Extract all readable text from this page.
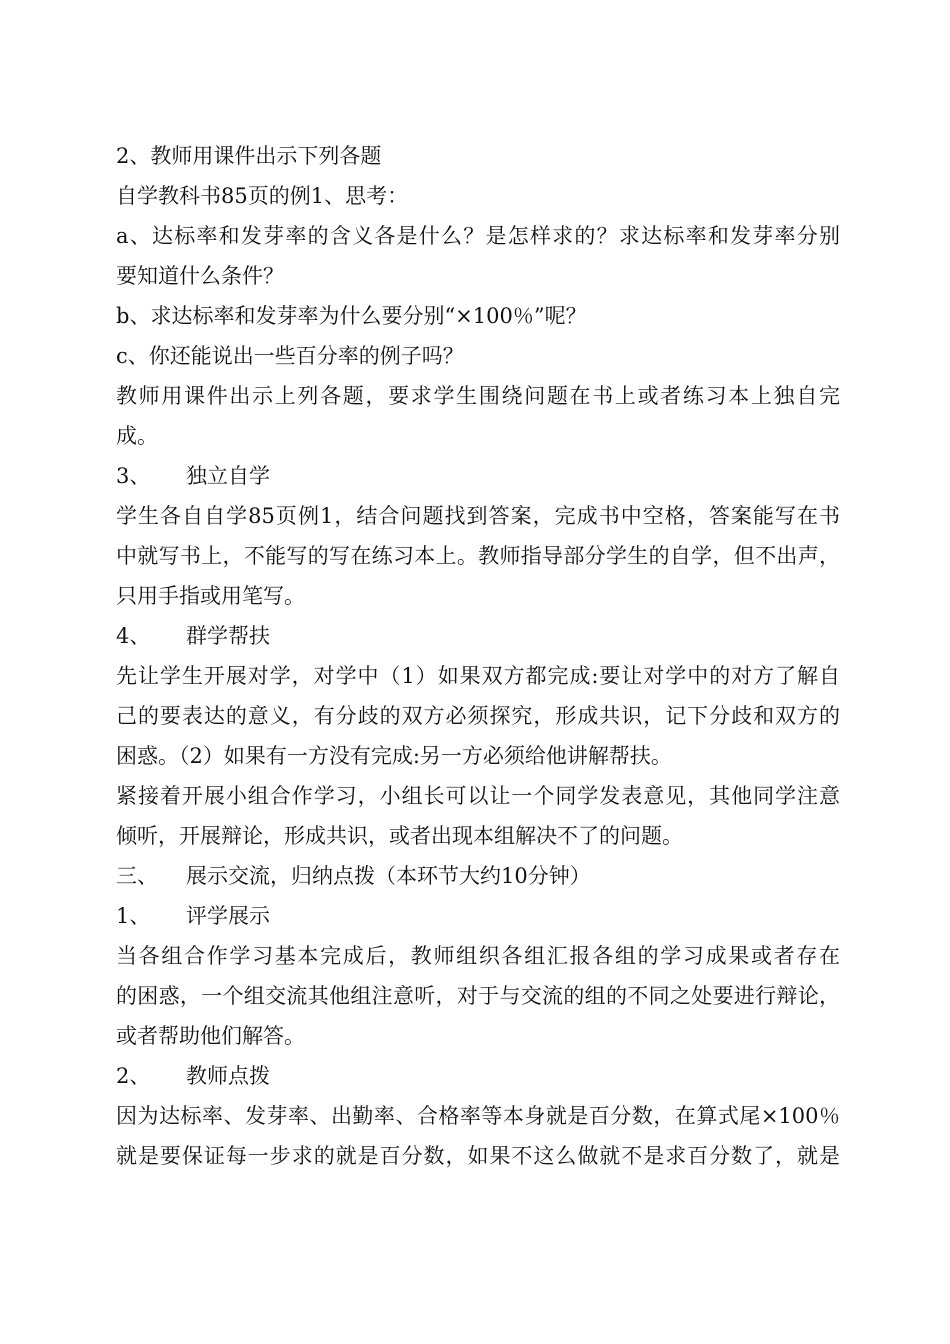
2、教师用课件出示下列各题
自学教科书85页的例1、思考：
a、达标率和发芽率的含义各是什么？是怎样求的？求达标率和发芽率分别
要知道什么条件？
b、求达标率和发芽率为什么要分别“×100％”呢？
c、你还能说出一些百分率的例子吗？
教师用课件出示上列各题，要求学生围绕问题在书上或者练习本上独自完
成。
3、 独立自学
学生各自自学85页例1，结合问题找到答案，完成书中空格，答案能写在书
中就写书上，不能写的写在练习本上。教师指导部分学生的自学，但不出声，
只用手指或用笔写。
4、 群学帮扶
先让学生开展对学，对学中（1）如果双方都完成:要让对学中的对方了解自
己的要表达的意义，有分歧的双方必须探究，形成共识，记下分歧和双方的
困惑。（2）如果有一方没有完成:另一方必须给他讲解帮扶。
紧接着开展小组合作学习，小组长可以让一个同学发表意见，其他同学注意
倾听，开展辩论，形成共识，或者出现本组解决不了的问题。
三、 展示交流，归纳点拨（本环节大约10分钟）
1、 评学展示
当各组合作学习基本完成后，教师组织各组汇报各组的学习成果或者存在
的困惑，一个组交流其他组注意听，对于与交流的组的不同之处要进行辩论，
或者帮助他们解答。
2、 教师点拨
因为达标率、发芽率、出勤率、合格率等本身就是百分数，在算式尾×100％
就是要保证每一步求的就是百分数，如果不这么做就不是求百分数了，就是
